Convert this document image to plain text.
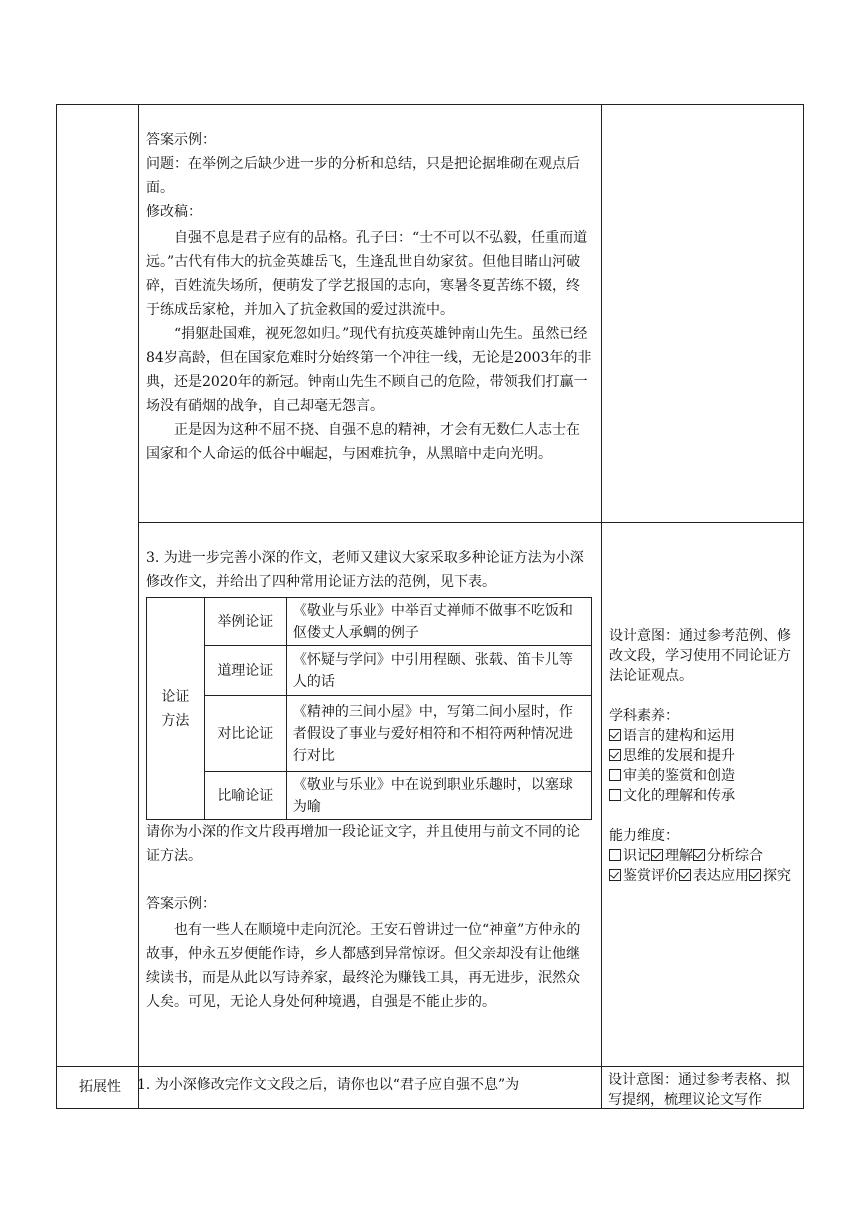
答案示例：

问题：在举例之后缺少进一步的分析和总结，只是把论据堆砌在观点后面。

修改稿：

自强不息是君子应有的品格。孔子曰：“士不可以不弘毅，任重而道远。”古代有伟大的抗金英雄岳飞，生逢乱世自幼家贫。但他目睹山河破碎，百姓流失场所，便萌发了学艺报国的志向，寒暑冬夏苦练不辍，终于练成岳家枪，并加入了抗金救国的爱过洪流中。

“捐躯赴国难，视死忽如归。”现代有抗疫英雄钟南山先生。虽然已经84岁高龄，但在国家危难时分始终第一个冲往一线，无论是2003年的非典，还是2020年的新冠。钟南山先生不顾自己的危险，带领我们打赢一场没有硝烟的战争，自己却毫无怨言。

正是因为这种不屈不挠、自强不息的精神，才会有无数仁人志士在国家和个人命运的低谷中崛起，与困难抗争，从黑暗中走向光明。

3. 为进一步完善小深的作文，老师又建议大家采取多种论证方法为小深修改作文，并给出了四种常用论证方法的范例，见下表。

论证方法	举例论证	《敬业与乐业》中举百丈禅师不做事不吃饭和伛偻丈人承蜩的例子
	道理论证	《怀疑与学问》中引用程颐、张载、笛卡儿等人的话
	对比论证	《精神的三间小屋》中，写第二间小屋时，作者假设了事业与爱好相符和不相符两种情况进行对比
	比喻论证	《敬业与乐业》中在说到职业乐趣时，以塞球为喻

请你为小深的作文片段再增加一段论证文字，并且使用与前文不同的论证方法。

答案示例：

也有一些人在顺境中走向沉沦。王安石曾讲过一位“神童”方仲永的故事，仲永五岁便能作诗，乡人都感到异常惊讶。但父亲却没有让他继续读书，而是从此以写诗养家，最终沦为赚钱工具，再无进步，泯然众人矣。可见，无论人身处何种境遇，自强是不能止步的。

设计意图：通过参考范例、修改文段，学习使用不同论证方法论证观点。

学科素养：

语言的建构和运用

思维的发展和提升

审美的鉴赏和创造

文化的理解和传承

能力维度：

识记 理解 分析综合

鉴赏评价 表达应用 探究

拓展性	1. 为小深修改完作文文段之后，请你也以“君子应自强不息”为	设计意图：通过参考表格、拟写提纲，梳理议论文写作
